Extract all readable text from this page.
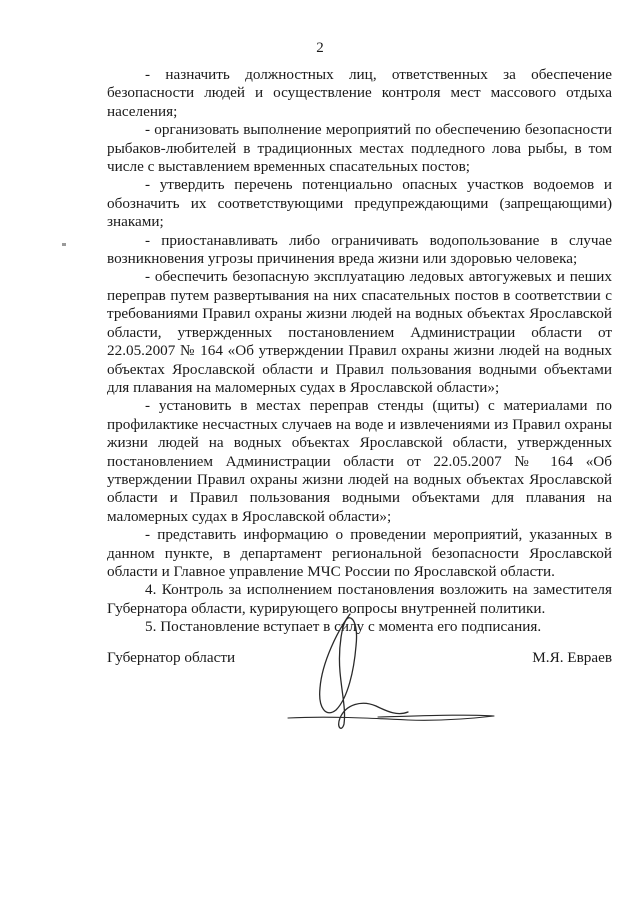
2

- назначить должностных лиц, ответственных за обеспечение безопасности людей и осуществление контроля мест массового отдыха населения;

- организовать выполнение мероприятий по обеспечению безопасности рыбаков-любителей в традиционных местах подледного лова рыбы, в том числе с выставлением временных спасательных постов;

- утвердить перечень потенциально опасных участков водоемов и обозначить их соответствующими предупреждающими (запрещающими) знаками;

- приостанавливать либо ограничивать водопользование в случае возникновения угрозы причинения вреда жизни или здоровью человека;

- обеспечить безопасную эксплуатацию ледовых автогужевых и пеших переправ путем развертывания на них спасательных постов в соответствии с требованиями Правил охраны жизни людей на водных объектах Ярославской области, утвержденных постановлением Администрации области от 22.05.2007 № 164 «Об утверждении Правил охраны жизни людей на водных объектах Ярославской области и Правил пользования водными объектами для плавания на маломерных судах в Ярославской области»;

- установить в местах переправ стенды (щиты) с материалами по профилактике несчастных случаев на воде и извлечениями из Правил охраны жизни людей на водных объектах Ярославской области, утвержденных постановлением Администрации области от 22.05.2007 № 164 «Об утверждении Правил охраны жизни людей на водных объектах Ярославской области и Правил пользования водными объектами для плавания на маломерных судах в Ярославской области»;

- представить информацию о проведении мероприятий, указанных в данном пункте, в департамент региональной безопасности Ярославской области и Главное управление МЧС России по Ярославской области.

4. Контроль за исполнением постановления возложить на заместителя Губернатора области, курирующего вопросы внутренней политики.

5. Постановление вступает в силу с момента его подписания.

Губернатор области	М.Я. Евраев
